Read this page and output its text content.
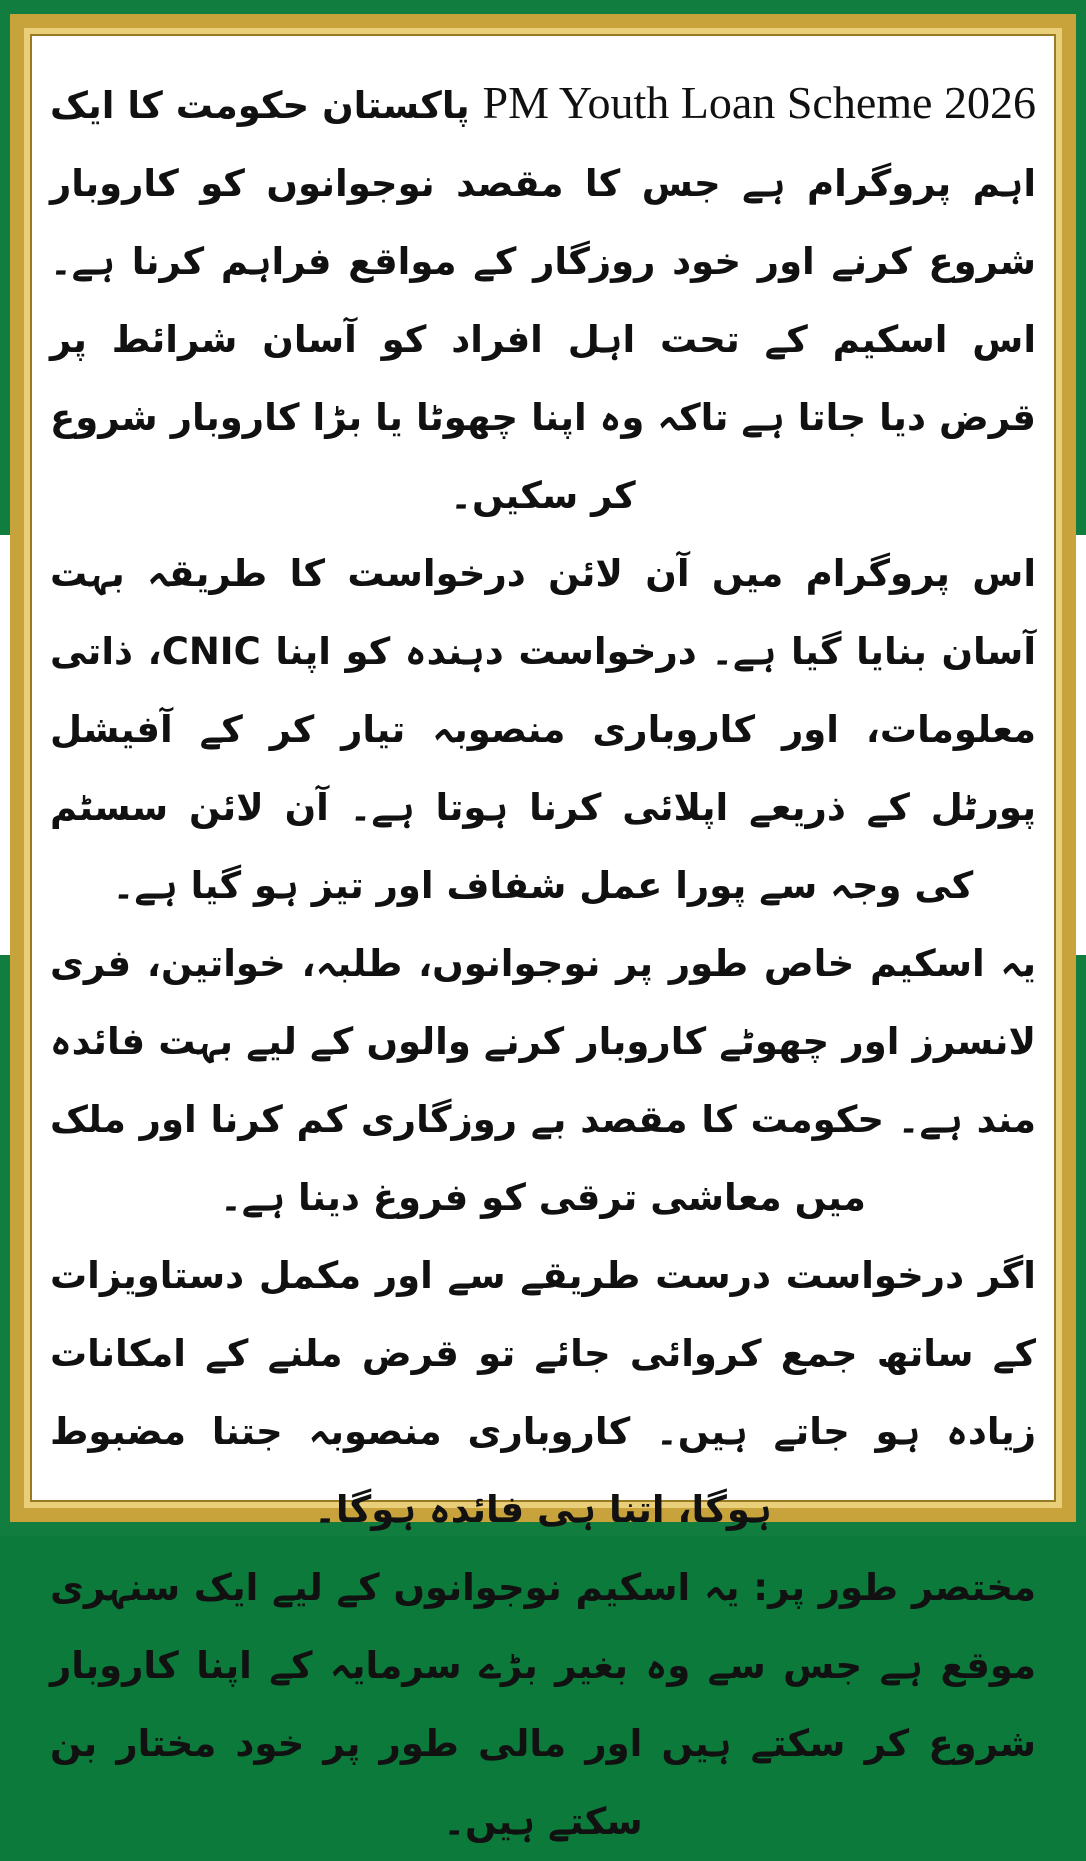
PM Youth Loan Scheme 2026 پاکستان حکومت کا ایک اہم پروگرام ہے جس کا مقصد نوجوانوں کو کاروبار شروع کرنے اور خود روزگار کے مواقع فراہم کرنا ہے۔ اس اسکیم کے تحت اہل افراد کو آسان شرائط پر قرض دیا جاتا ہے تاکہ وہ اپنا چھوٹا یا بڑا کاروبار شروع کر سکیں۔

اس پروگرام میں آن لائن درخواست کا طریقہ بہت آسان بنایا گیا ہے۔ درخواست دہندہ کو اپنا CNIC، ذاتی معلومات، اور کاروباری منصوبہ تیار کر کے آفیشل پورٹل کے ذریعے اپلائی کرنا ہوتا ہے۔ آن لائن سسٹم کی وجہ سے پورا عمل شفاف اور تیز ہو گیا ہے۔

یہ اسکیم خاص طور پر نوجوانوں، طلبہ، خواتین، فری لانسرز اور چھوٹے کاروبار کرنے والوں کے لیے بہت فائدہ مند ہے۔ حکومت کا مقصد بے روزگاری کم کرنا اور ملک میں معاشی ترقی کو فروغ دینا ہے۔

اگر درخواست درست طریقے سے اور مکمل دستاویزات کے ساتھ جمع کروائی جائے تو قرض ملنے کے امکانات زیادہ ہو جاتے ہیں۔ کاروباری منصوبہ جتنا مضبوط ہوگا، اتنا ہی فائدہ ہوگا۔

مختصر طور پر: یہ اسکیم نوجوانوں کے لیے ایک سنہری موقع ہے جس سے وہ بغیر بڑے سرمایہ کے اپنا کاروبار شروع کر سکتے ہیں اور مالی طور پر خود مختار بن سکتے ہیں۔
